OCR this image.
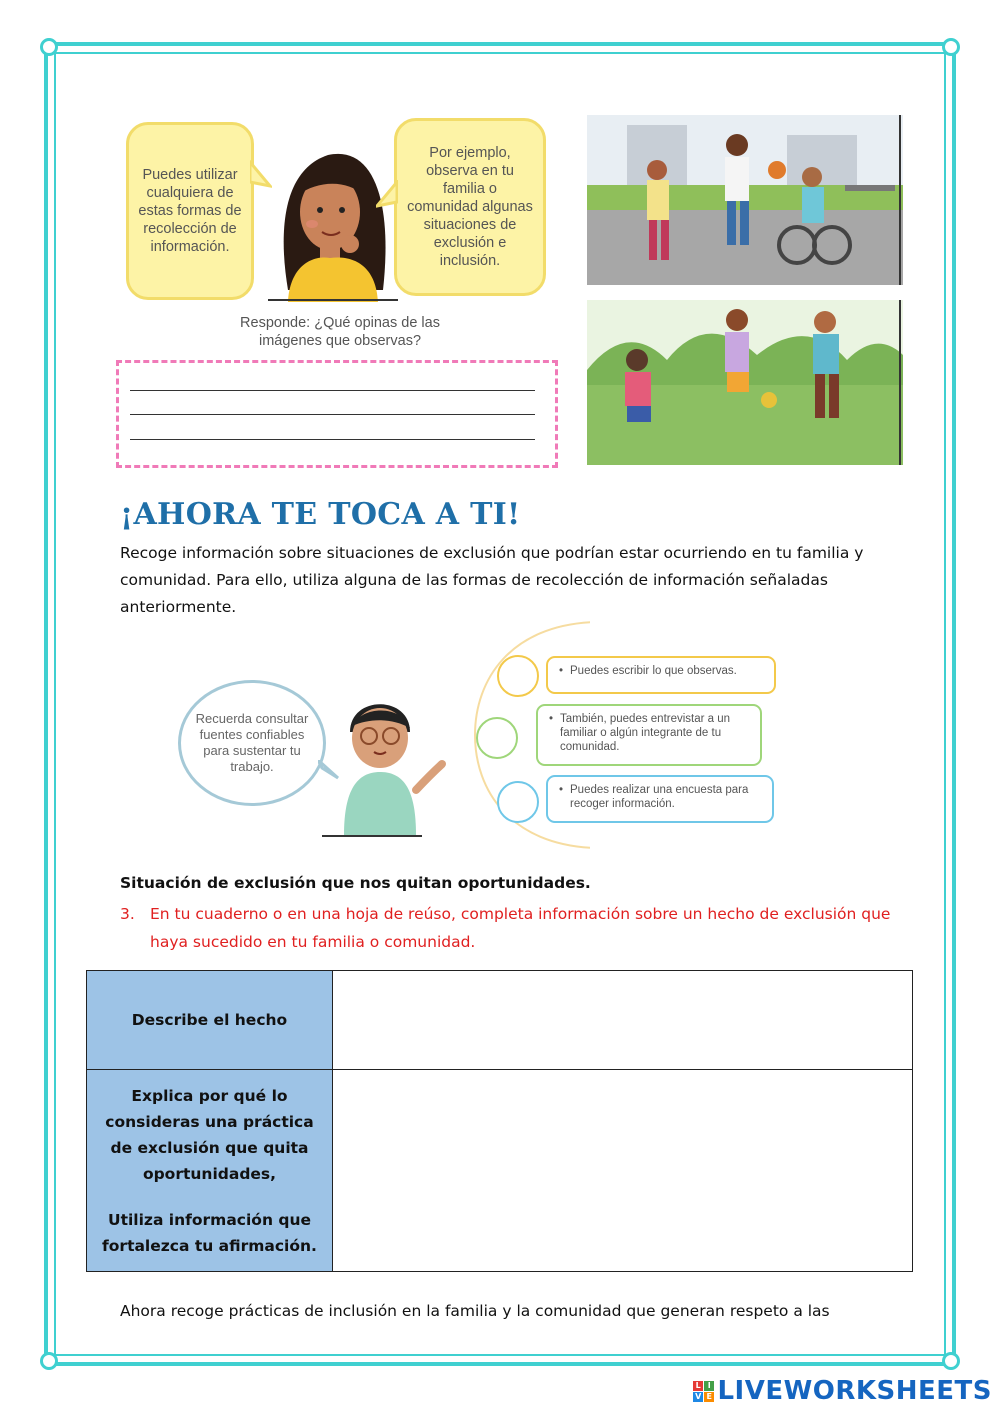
Puedes utilizar cualquiera de estas formas de recolección de información.
Por ejemplo, observa en tu familia o comunidad algunas situaciones de exclusión e inclusión.
Responde: ¿Qué opinas de las imágenes que observas?
¡AHORA TE TOCA A TI!
Recoge información sobre situaciones de exclusión que podrían estar ocurriendo en tu familia y comunidad. Para ello, utiliza alguna de las formas de recolección de información señaladas anteriormente.
Recuerda consultar fuentes confiables para sustentar tu trabajo.
• Puedes escribir lo que observas.
• También, puedes entrevistar a un familiar o algún integrante de tu comunidad.
• Puedes realizar una encuesta para recoger información.
Situación de exclusión que nos quitan oportunidades.
3. En tu cuaderno o en una hoja de reúso, completa información sobre un hecho de exclusión que haya sucedido en tu familia o comunidad.
Describe el hecho	

Explica por qué lo consideras una práctica de exclusión que quita oportunidades,
Utiliza información que fortalezca tu afirmación.	

Ahora recoge prácticas de inclusión en la familia y la comunidad que generan respeto a las
L I
V E LIVEWORKSHEETS
